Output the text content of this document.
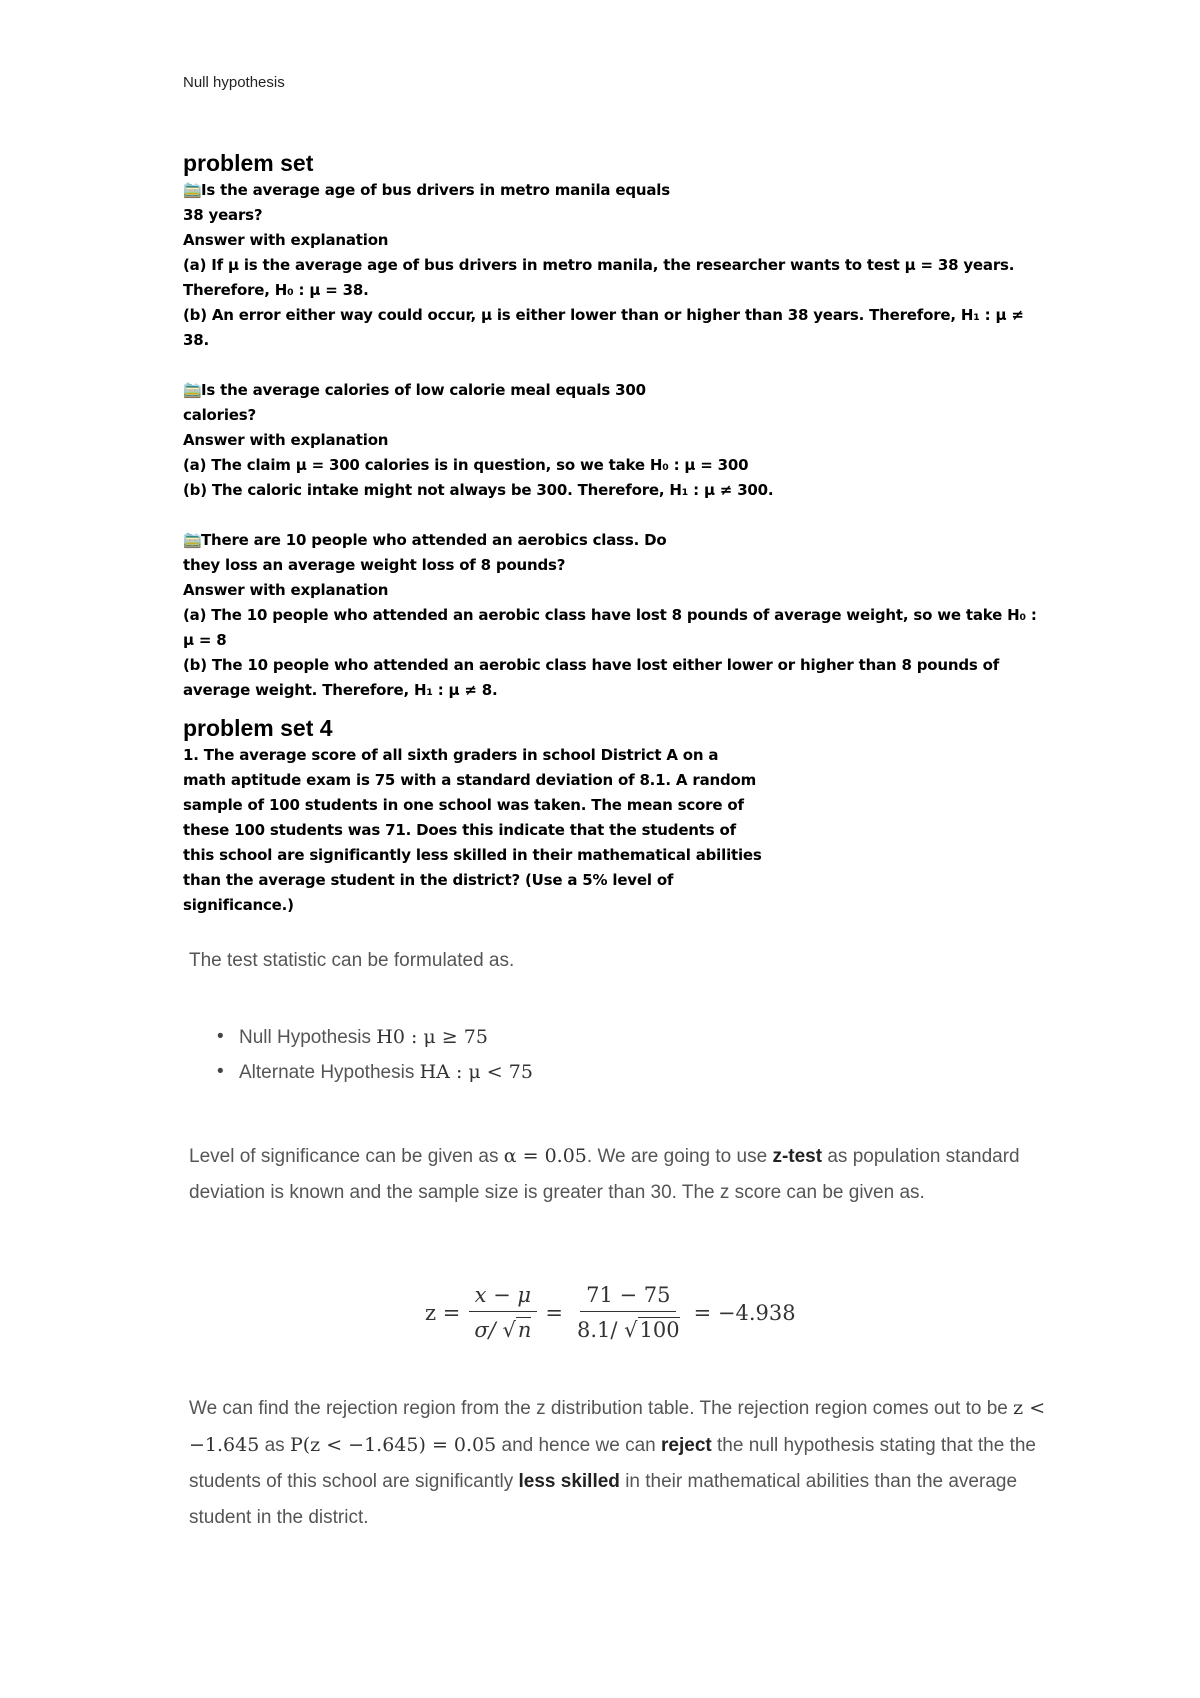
Null hypothesis
problem set
🚞Is the average age of bus drivers in metro manila equals
38 years?
Answer with explanation
(a) If μ is the average age of bus drivers in metro manila, the researcher wants to test μ = 38 years.
Therefore, H₀ : μ = 38.
(b) An error either way could occur, μ is either lower than or higher than 38 years. Therefore, H₁ : μ ≠
38.
🚞Is the average calories of low calorie meal equals 300
calories?
Answer with explanation
(a) The claim μ = 300 calories is in question, so we take H₀ : μ = 300
(b) The caloric intake might not always be 300. Therefore, H₁ : μ ≠ 300.
🚞There are 10 people who attended an aerobics class. Do
they loss an average weight loss of 8 pounds?
Answer with explanation
(a) The 10 people who attended an aerobic class have lost 8 pounds of average weight, so we take H₀ :
μ = 8
(b) The 10 people who attended an aerobic class have lost either lower or higher than 8 pounds of
average weight. Therefore, H₁ : μ ≠ 8.
problem set 4
1. The average score of all sixth graders in school District A on a
math aptitude exam is 75 with a standard deviation of 8.1. A random
sample of 100 students in one school was taken. The mean score of
these 100 students was 71. Does this indicate that the students of
this school are significantly less skilled in their mathematical abilities
than the average student in the district? (Use a 5% level of
significance.)
The test statistic can be formulated as.
• Null Hypothesis H0 : μ ≥ 75
• Alternate Hypothesis HA : μ < 75
Level of significance can be given as α = 0.05. We are going to use z-test as population standard deviation is known and the sample size is greater than 30. The z score can be given as.
$z = \frac{x - \mu}{\sigma/ √n} = \frac{71 - 75}{8.1/ √100} = -4.938$
We can find the rejection region from the z distribution table. The rejection region comes out to be z < −1.645 as P(z < −1.645) = 0.05 and hence we can reject the null hypothesis stating that the the students of this school are significantly less skilled in their mathematical abilities than the average student in the district.
